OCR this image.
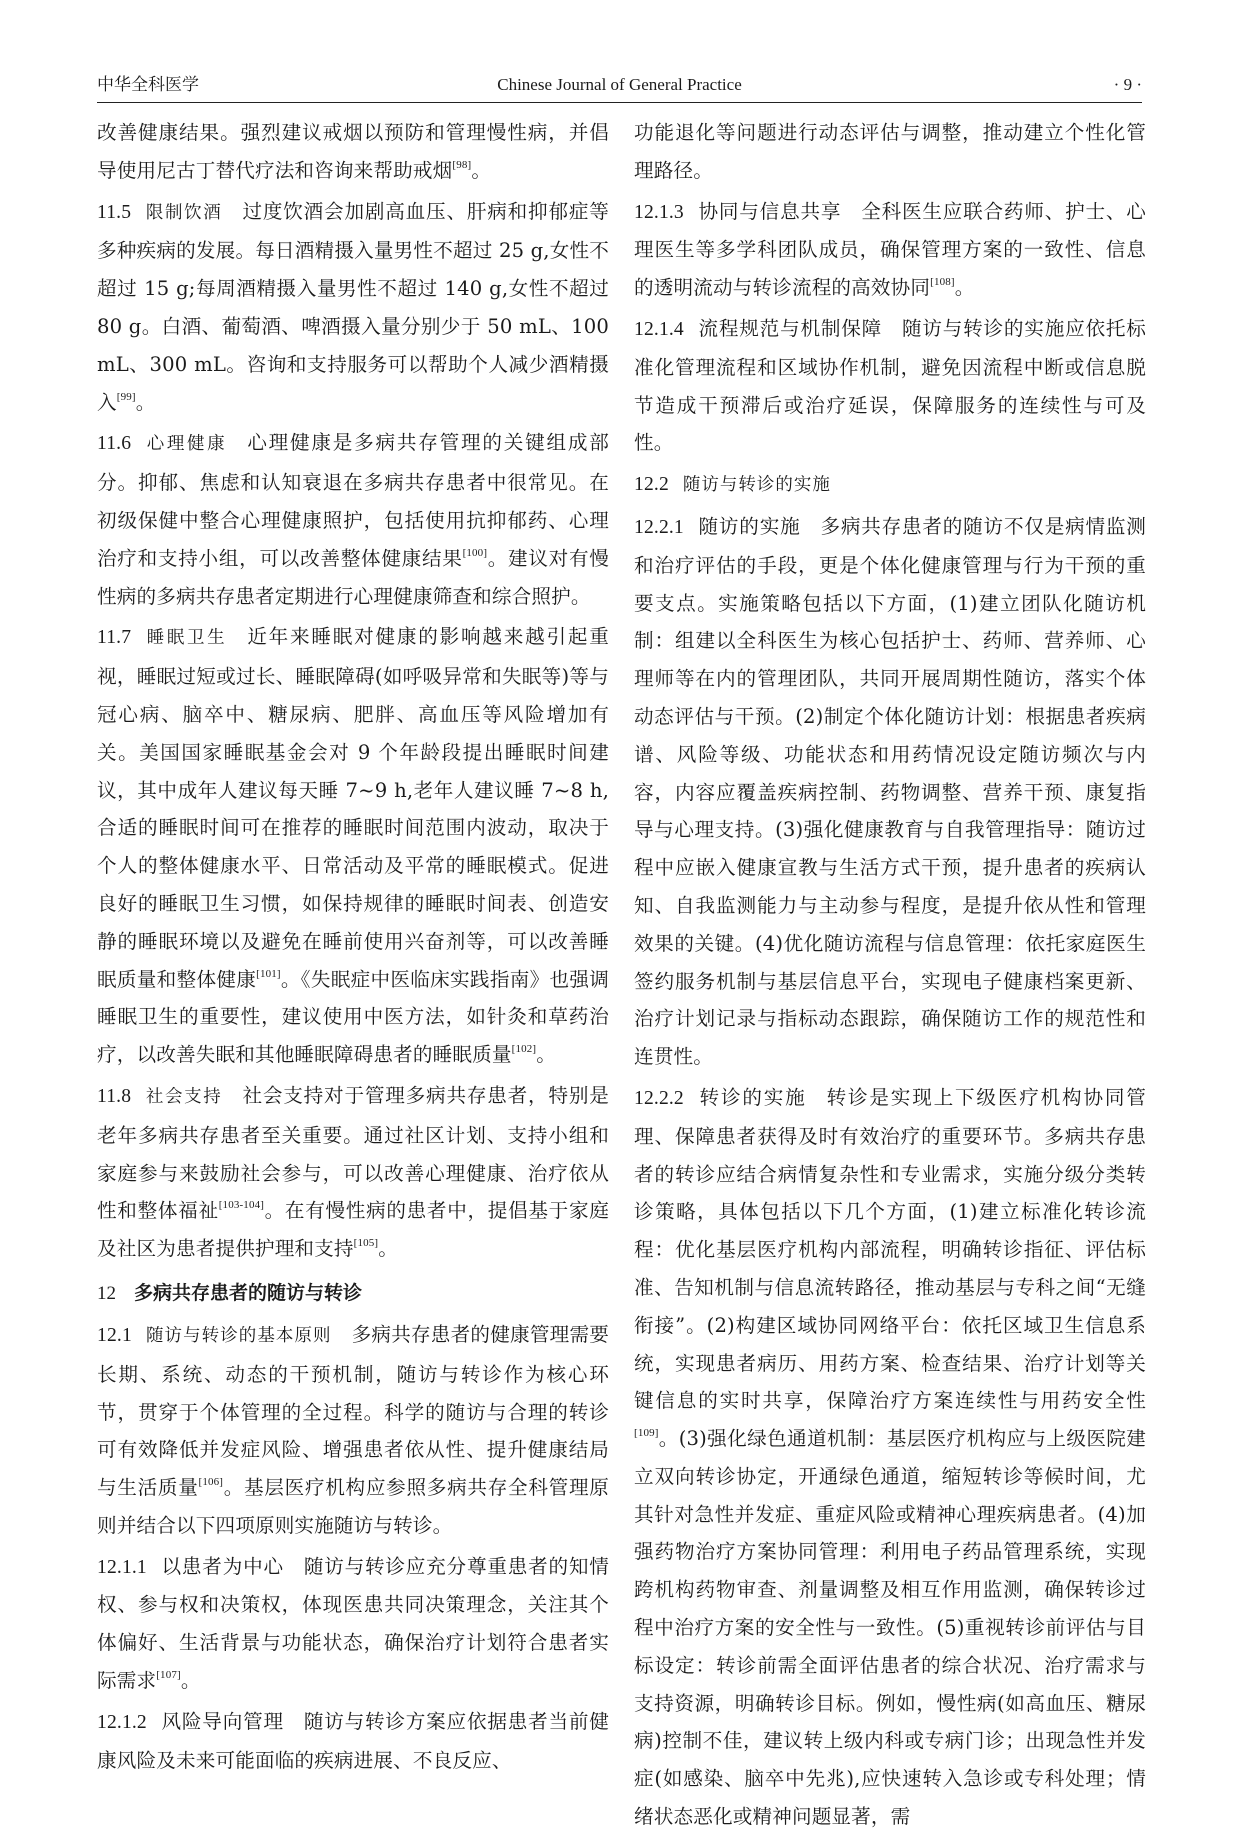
中华全科医学	Chinese Journal of General Practice	· 9 ·

改善健康结果。强烈建议戒烟以预防和管理慢性病，并倡导使用尼古丁替代疗法和咨询来帮助戒烟[98]。

11.5 限制饮酒 过度饮酒会加剧高血压、肝病和抑郁症等多种疾病的发展。每日酒精摄入量男性不超过 25 g,女性不超过 15 g;每周酒精摄入量男性不超过 140 g,女性不超过 80 g。白酒、葡萄酒、啤酒摄入量分别少于 50 mL、100 mL、300 mL。咨询和支持服务可以帮助个人减少酒精摄入[99]。

11.6 心理健康 心理健康是多病共存管理的关键组成部分。抑郁、焦虑和认知衰退在多病共存患者中很常见。在初级保健中整合心理健康照护，包括使用抗抑郁药、心理治疗和支持小组，可以改善整体健康结果[100]。建议对有慢性病的多病共存患者定期进行心理健康筛查和综合照护。

11.7 睡眠卫生 近年来睡眠对健康的影响越来越引起重视，睡眠过短或过长、睡眠障碍(如呼吸异常和失眠等)等与冠心病、脑卒中、糖尿病、肥胖、高血压等风险增加有关。美国国家睡眠基金会对 9 个年龄段提出睡眠时间建议，其中成年人建议每天睡 7~9 h,老年人建议睡 7~8 h,合适的睡眠时间可在推荐的睡眠时间范围内波动，取决于个人的整体健康水平、日常活动及平常的睡眠模式。促进良好的睡眠卫生习惯，如保持规律的睡眠时间表、创造安静的睡眠环境以及避免在睡前使用兴奋剂等，可以改善睡眠质量和整体健康[101]。《失眠症中医临床实践指南》也强调睡眠卫生的重要性，建议使用中医方法，如针灸和草药治疗，以改善失眠和其他睡眠障碍患者的睡眠质量[102]。

11.8 社会支持 社会支持对于管理多病共存患者，特别是老年多病共存患者至关重要。通过社区计划、支持小组和家庭参与来鼓励社会参与，可以改善心理健康、治疗依从性和整体福祉[103-104]。在有慢性病的患者中，提倡基于家庭及社区为患者提供护理和支持[105]。

12 多病共存患者的随访与转诊

12.1 随访与转诊的基本原则 多病共存患者的健康管理需要长期、系统、动态的干预机制，随访与转诊作为核心环节，贯穿于个体管理的全过程。科学的随访与合理的转诊可有效降低并发症风险、增强患者依从性、提升健康结局与生活质量[106]。基层医疗机构应参照多病共存全科管理原则并结合以下四项原则实施随访与转诊。

12.1.1 以患者为中心 随访与转诊应充分尊重患者的知情权、参与权和决策权，体现医患共同决策理念，关注其个体偏好、生活背景与功能状态，确保治疗计划符合患者实际需求[107]。

12.1.2 风险导向管理 随访与转诊方案应依据患者当前健康风险及未来可能面临的疾病进展、不良反应、

功能退化等问题进行动态评估与调整，推动建立个性化管理路径。

12.1.3 协同与信息共享 全科医生应联合药师、护士、心理医生等多学科团队成员，确保管理方案的一致性、信息的透明流动与转诊流程的高效协同[108]。

12.1.4 流程规范与机制保障 随访与转诊的实施应依托标准化管理流程和区域协作机制，避免因流程中断或信息脱节造成干预滞后或治疗延误，保障服务的连续性与可及性。

12.2 随访与转诊的实施

12.2.1 随访的实施 多病共存患者的随访不仅是病情监测和治疗评估的手段，更是个体化健康管理与行为干预的重要支点。实施策略包括以下方面，(1)建立团队化随访机制：组建以全科医生为核心包括护士、药师、营养师、心理师等在内的管理团队，共同开展周期性随访，落实个体动态评估与干预。(2)制定个体化随访计划：根据患者疾病谱、风险等级、功能状态和用药情况设定随访频次与内容，内容应覆盖疾病控制、药物调整、营养干预、康复指导与心理支持。(3)强化健康教育与自我管理指导：随访过程中应嵌入健康宣教与生活方式干预，提升患者的疾病认知、自我监测能力与主动参与程度，是提升依从性和管理效果的关键。(4)优化随访流程与信息管理：依托家庭医生签约服务机制与基层信息平台，实现电子健康档案更新、治疗计划记录与指标动态跟踪，确保随访工作的规范性和连贯性。

12.2.2 转诊的实施 转诊是实现上下级医疗机构协同管理、保障患者获得及时有效治疗的重要环节。多病共存患者的转诊应结合病情复杂性和专业需求，实施分级分类转诊策略，具体包括以下几个方面，(1)建立标准化转诊流程：优化基层医疗机构内部流程，明确转诊指征、评估标准、告知机制与信息流转路径，推动基层与专科之间“无缝衔接”。(2)构建区域协同网络平台：依托区域卫生信息系统，实现患者病历、用药方案、检查结果、治疗计划等关键信息的实时共享，保障治疗方案连续性与用药安全性[109]。(3)强化绿色通道机制：基层医疗机构应与上级医院建立双向转诊协定，开通绿色通道，缩短转诊等候时间，尤其针对急性并发症、重症风险或精神心理疾病患者。(4)加强药物治疗方案协同管理：利用电子药品管理系统，实现跨机构药物审查、剂量调整及相互作用监测，确保转诊过程中治疗方案的安全性与一致性。(5)重视转诊前评估与目标设定：转诊前需全面评估患者的综合状况、治疗需求与支持资源，明确转诊目标。例如，慢性病(如高血压、糖尿病)控制不佳，建议转上级内科或专病门诊；出现急性并发症(如感染、脑卒中先兆),应快速转入急诊或专科处理；情绪状态恶化或精神问题显著，需
